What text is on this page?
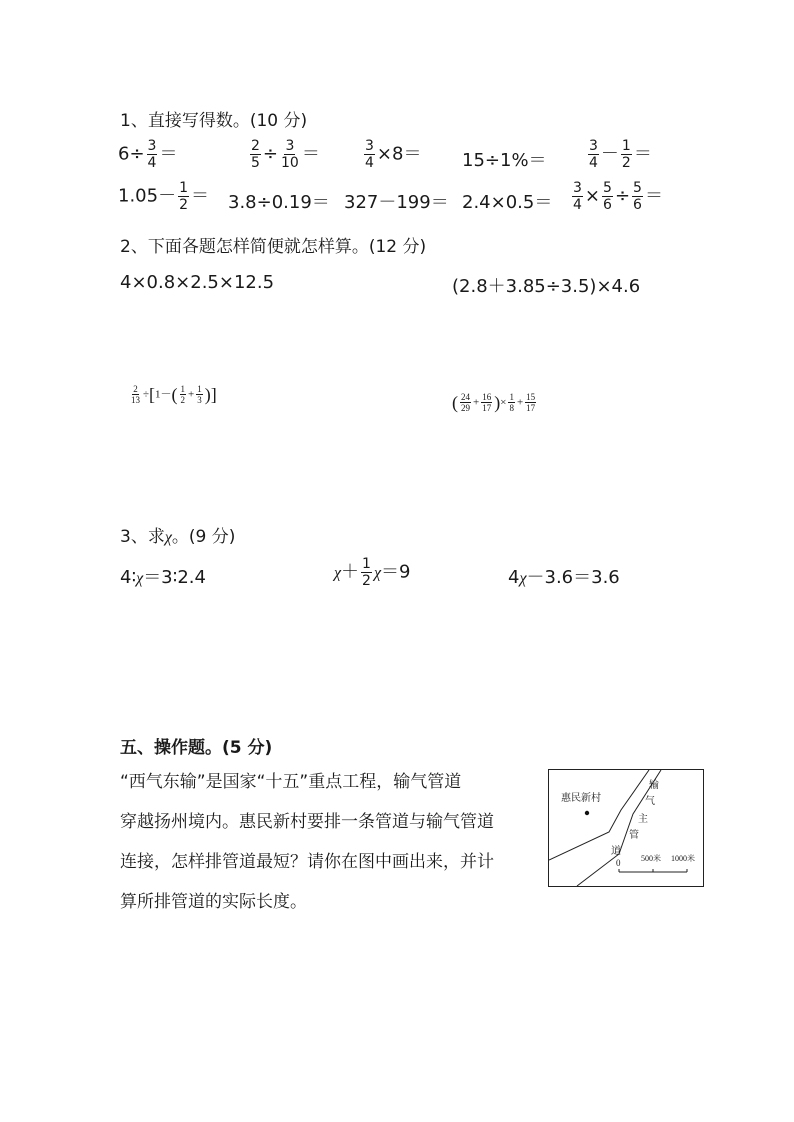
1、直接写得数。(10 分)
$6\div \frac{3}{4}$ ＝	$\frac{2}{5} \div \frac{3}{10}$ ＝	$\frac{3}{4} \times 8= 15\div 1\%=$	$\frac{3}{4} - \frac{1}{2}$ ＝
$1.05- \frac{1}{2} = 3.8\div 0.19= 327-199= 2.4\times 0.5= \frac{3}{4} \times \frac{5}{6} \div \frac{5}{6}$ ＝
2、下面各题怎样简便就怎样算。(12 分)
4×0.8×2.5×12.5	(2.8＋3.85÷3.5)×4.6
$\frac{2}{13} \div[1-( \frac{1}{2} + \frac{1}{3}$ )]	( $\frac{24}{29} + \frac{16}{17}$ )× $\frac{1}{8} + \frac{15}{17}$
3、求χ。(9 分)
4∶χ＝3∶2.4	$\chi+ \frac{1}{2} \chi=9$	4χ－3.6＝3.6
五、操作题。(5 分)
“西气东输”是国家“十五”重点工程，输气管道
穿越扬州境内。惠民新村要排一条管道与输气管道
连接，怎样排管道最短？请你在图中画出来，并计
算所排管道的实际长度。
惠民新村
输
气
主
管
道
0	500米 1000米
